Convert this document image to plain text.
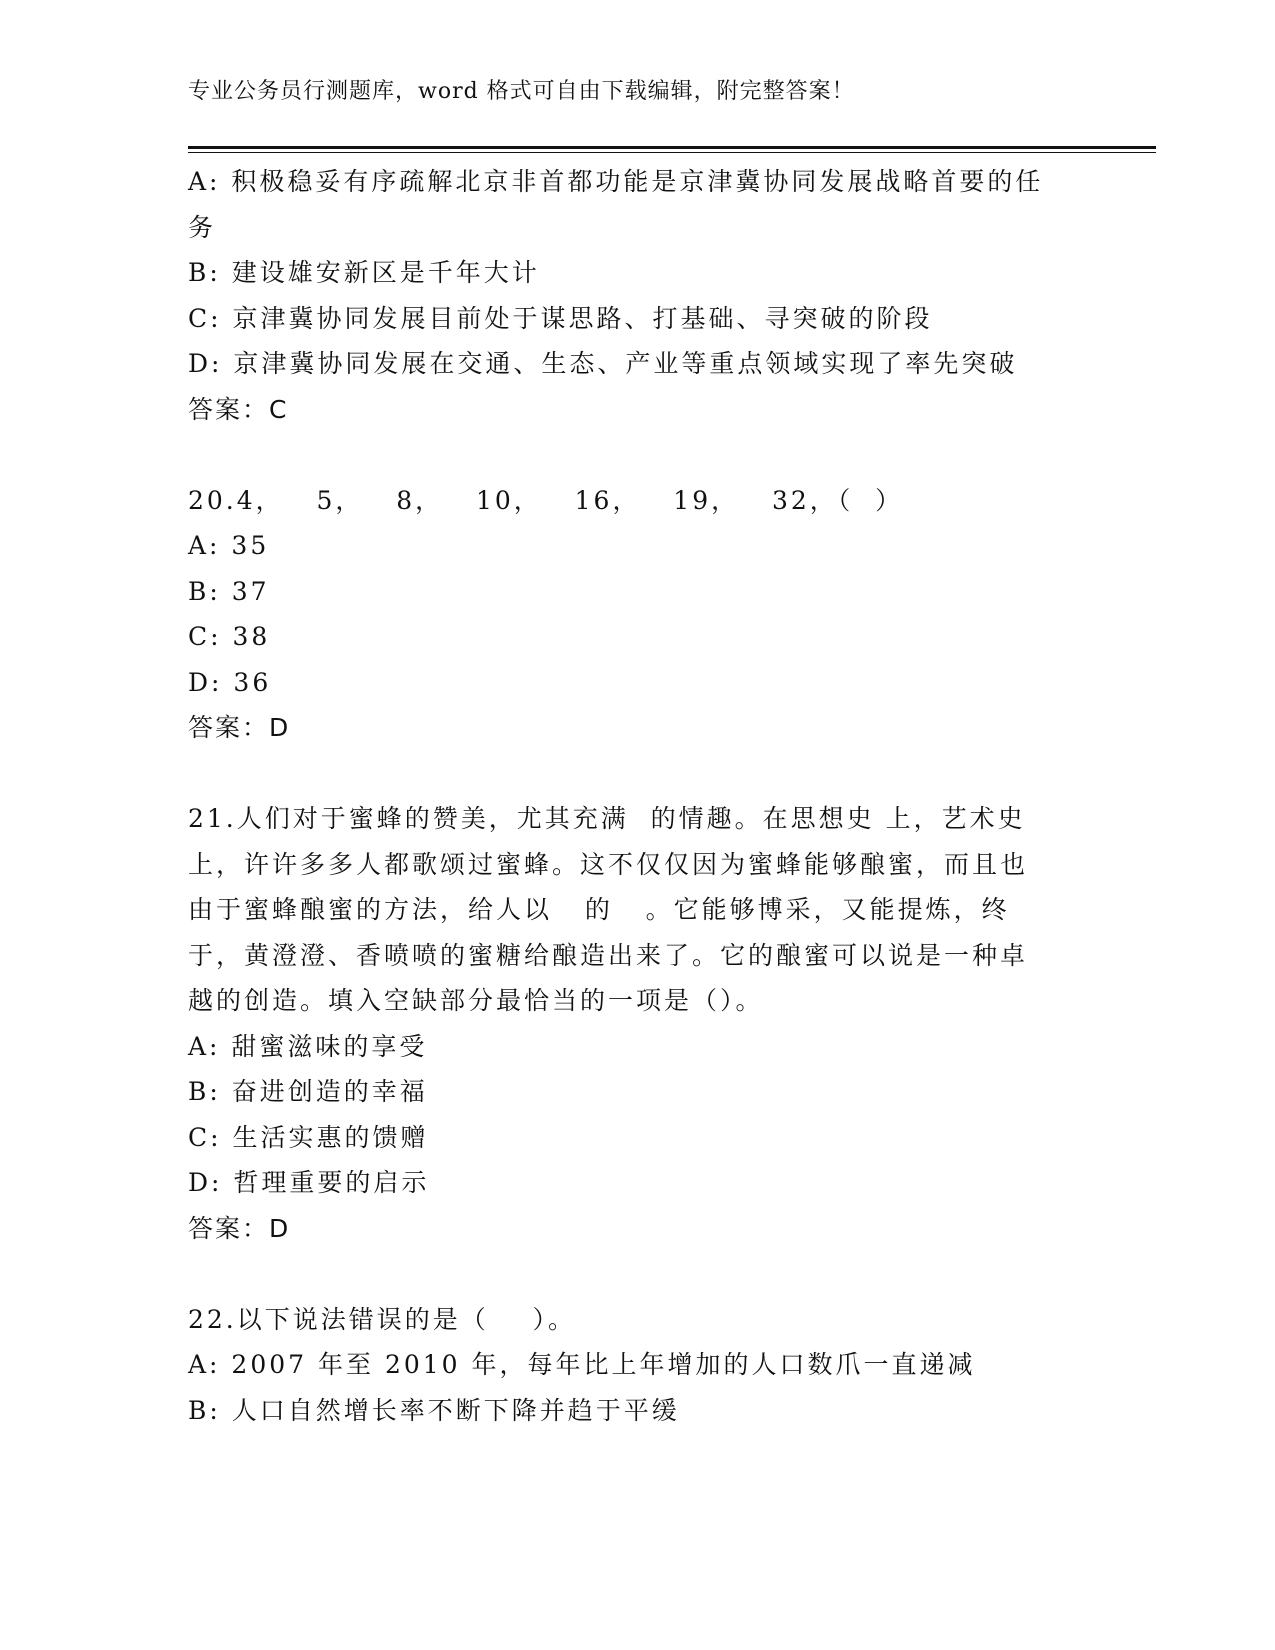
专业公务员行测题库，word 格式可自由下载编辑，附完整答案！
A: 积极稳妥有序疏解北京非首都功能是京津冀协同发展战略首要的任
务
B: 建设雄安新区是千年大计
C: 京津冀协同发展目前处于谋思路、打基础、寻突破的阶段
D: 京津冀协同发展在交通、生态、产业等重点领域实现了率先突破
答案：C
20.4，   5，   8，   10，   16，   19，   32，（  ）
A: 35
B: 37
C: 38
D: 36
答案：D
21.人们对于蜜蜂的赞美，尤其充满  的情趣。在思想史 上，艺术史
上，许许多多人都歌颂过蜜蜂。这不仅仅因为蜜蜂能够酿蜜，而且也
由于蜜蜂酿蜜的方法，给人以   的   。它能够博采，又能提炼，终
于，黄澄澄、香喷喷的蜜糖给酿造出来了。它的酿蜜可以说是一种卓
越的创造。填入空缺部分最恰当的一项是（）。
A: 甜蜜滋味的享受
B: 奋进创造的幸福
C: 生活实惠的馈赠
D: 哲理重要的启示
答案：D
22.以下说法错误的是（    ）。
A: 2007 年至 2010 年，每年比上年增加的人口数爪一直递减
B: 人口自然增长率不断下降并趋于平缓
